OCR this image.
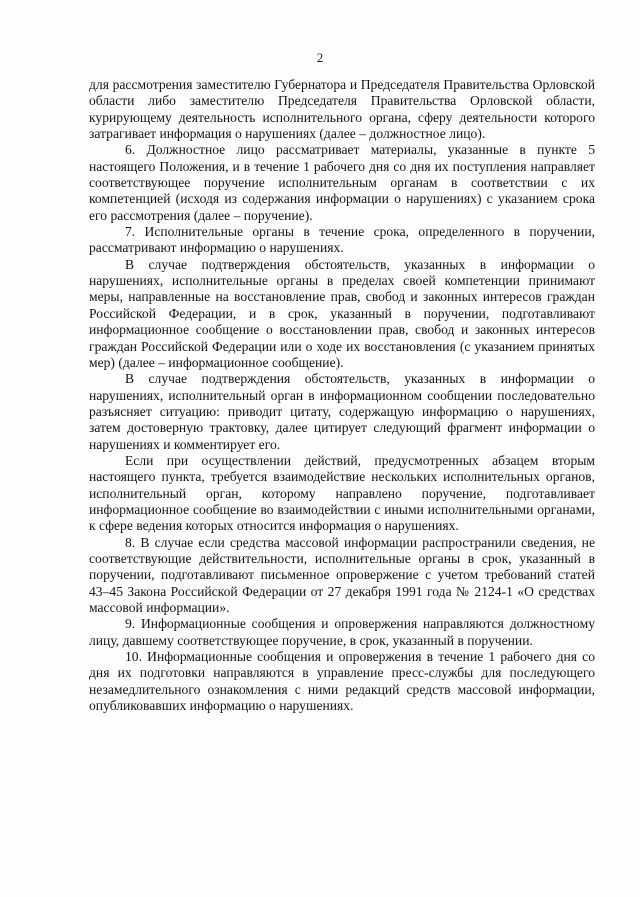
2

для рассмотрения заместителю Губернатора и Председателя Правительства Орловской области либо заместителю Председателя Правительства Орловской области, курирующему деятельность исполнительного органа, сферу деятельности которого затрагивает информация о нарушениях (далее – должностное лицо).

6. Должностное лицо рассматривает материалы, указанные в пункте 5 настоящего Положения, и в течение 1 рабочего дня со дня их поступления направляет соответствующее поручение исполнительным органам в соответствии с их компетенцией (исходя из содержания информации о нарушениях) с указанием срока его рассмотрения (далее – поручение).

7. Исполнительные органы в течение срока, определенного в поручении, рассматривают информацию о нарушениях.

В случае подтверждения обстоятельств, указанных в информации о нарушениях, исполнительные органы в пределах своей компетенции принимают меры, направленные на восстановление прав, свобод и законных интересов граждан Российской Федерации, и в срок, указанный в поручении, подготавливают информационное сообщение о восстановлении прав, свобод и законных интересов граждан Российской Федерации или о ходе их восстановления (с указанием принятых мер) (далее – информационное сообщение).

В случае подтверждения обстоятельств, указанных в информации о нарушениях, исполнительный орган в информационном сообщении последовательно разъясняет ситуацию: приводит цитату, содержащую информацию о нарушениях, затем достоверную трактовку, далее цитирует следующий фрагмент информации о нарушениях и комментирует его.

Если при осуществлении действий, предусмотренных абзацем вторым настоящего пункта, требуется взаимодействие нескольких исполнительных органов, исполнительный орган, которому направлено поручение, подготавливает информационное сообщение во взаимодействии с иными исполнительными органами, к сфере ведения которых относится информация о нарушениях.

8. В случае если средства массовой информации распространили сведения, не соответствующие действительности, исполнительные органы в срок, указанный в поручении, подготавливают письменное опровержение с учетом требований статей 43–45 Закона Российской Федерации от 27 декабря 1991 года № 2124-1 «О средствах массовой информации».

9. Информационные сообщения и опровержения направляются должностному лицу, давшему соответствующее поручение, в срок, указанный в поручении.

10. Информационные сообщения и опровержения в течение 1 рабочего дня со дня их подготовки направляются в управление пресс-службы для последующего незамедлительного ознакомления с ними редакций средств массовой информации, опубликовавших информацию о нарушениях.
